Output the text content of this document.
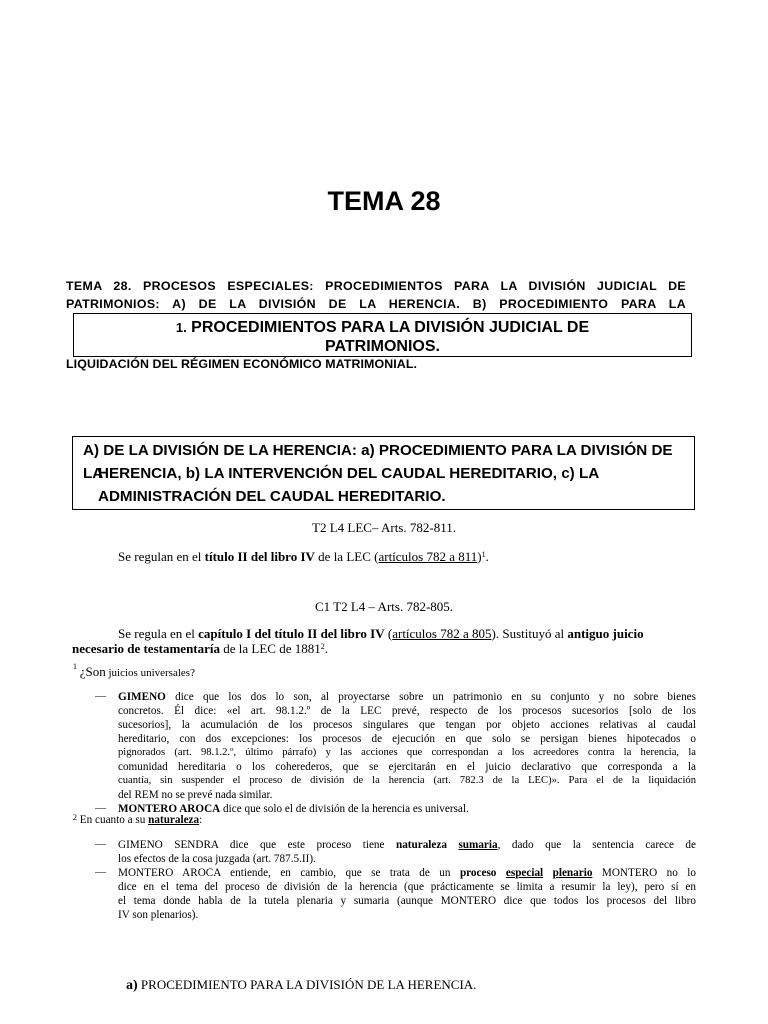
TEMA 28
TEMA 28. PROCESOS ESPECIALES: PROCEDIMIENTOS PARA LA DIVISIÓN JUDICIAL DE
PATRIMONIOS: A) DE LA DIVISIÓN DE LA HERENCIA. B) PROCEDIMIENTO PARA LA
LIQUIDACIÓN DEL RÉGIMEN ECONÓMICO MATRIMONIAL.
1. PROCEDIMIENTOS PARA LA DIVISIÓN JUDICIAL DE
PATRIMONIOS.
A) DE LA DIVISIÓN DE LA HERENCIA: a) PROCEDIMIENTO PARA LA DIVISIÓN DE LA
HERENCIA, b) LA INTERVENCIÓN DEL CAUDAL HEREDITARIO, c) LA
ADMINISTRACIÓN DEL CAUDAL HEREDITARIO.
T2 L4 LEC– Arts. 782-811.
Se regulan en el título II del libro IV de la LEC (artículos 782 a 811)$^1$.
C1 T2 L4 – Arts. 782-805.
Se regula en el capítulo I del título II del libro IV (artículos 782 a 805). Sustituyó al antiguo juicio
necesario de testamentaría de la LEC de 1881$^2$.
$^1$ ¿Son juicios universales?
— GIMENO dice que los dos lo son, al proyectarse sobre un patrimonio en su conjunto y no sobre bienes
concretos. Él dice: «el art. 98.1.2.º de la LEC prevé, respecto de los procesos sucesorios [solo de los
sucesorios], la acumulación de los procesos singulares que tengan por objeto acciones relativas al caudal
hereditario, con dos excepciones: los procesos de ejecución en que solo se persigan bienes hipotecados o
pignorados (art. 98.1.2.º, último párrafo) y las acciones que correspondan a los acreedores contra la herencia, la
comunidad hereditaria o los coherederos, que se ejercitarán en el juicio declarativo que corresponda a la
cuantía, sin suspender el proceso de división de la herencia (art. 782.3 de la LEC)». Para el de la liquidación
del REM no se prevé nada similar.
— MONTERO AROCA dice que solo el de división de la herencia es universal.
$^2$ En cuanto a su naturaleza:
— GIMENO SENDRA dice que este proceso tiene naturaleza sumaria, dado que la sentencia carece de
los efectos de la cosa juzgada (art. 787.5.II).
— MONTERO AROCA entiende, en cambio, que se trata de un proceso especial plenario MONTERO no lo
dice en el tema del proceso de división de la herencia (que prácticamente se limita a resumir la ley), pero sí en
el tema donde habla de la tutela plenaria y sumaria (aunque MONTERO dice que todos los procesos del libro
IV son plenarios).
a) PROCEDIMIENTO PARA LA DIVISIÓN DE LA HERENCIA.
